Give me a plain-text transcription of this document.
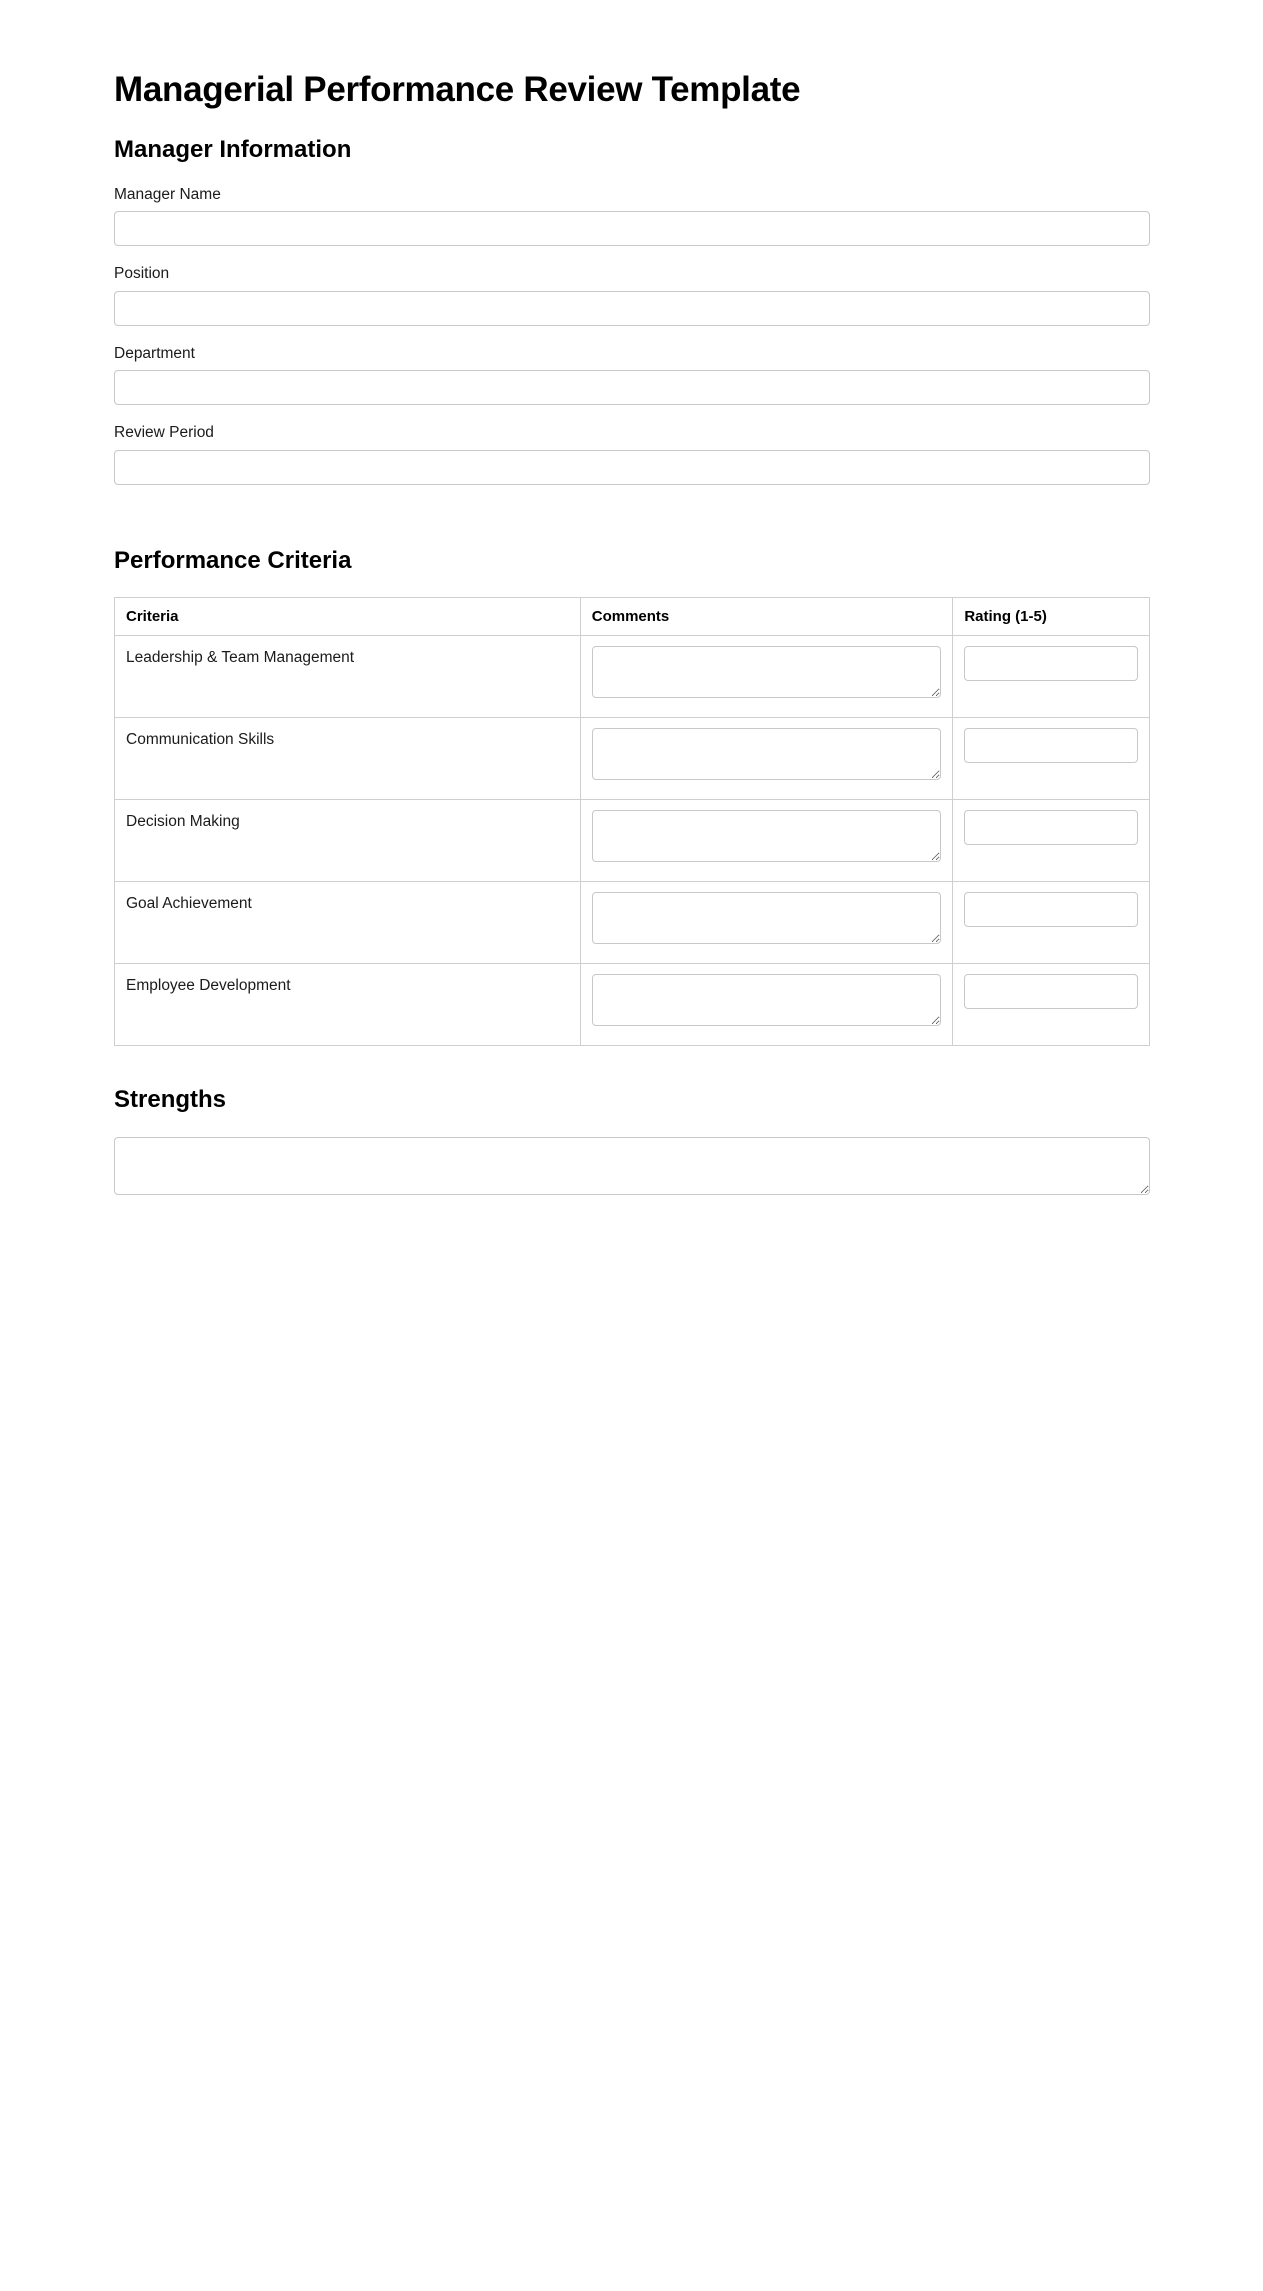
Managerial Performance Review Template
Manager Information
Manager Name
Position
Department
Review Period
Performance Criteria
Criteria	Comments	Rating (1-5)

Leadership & Team Management

Communication Skills

Decision Making

Goal Achievement

Employee Development

Strengths
